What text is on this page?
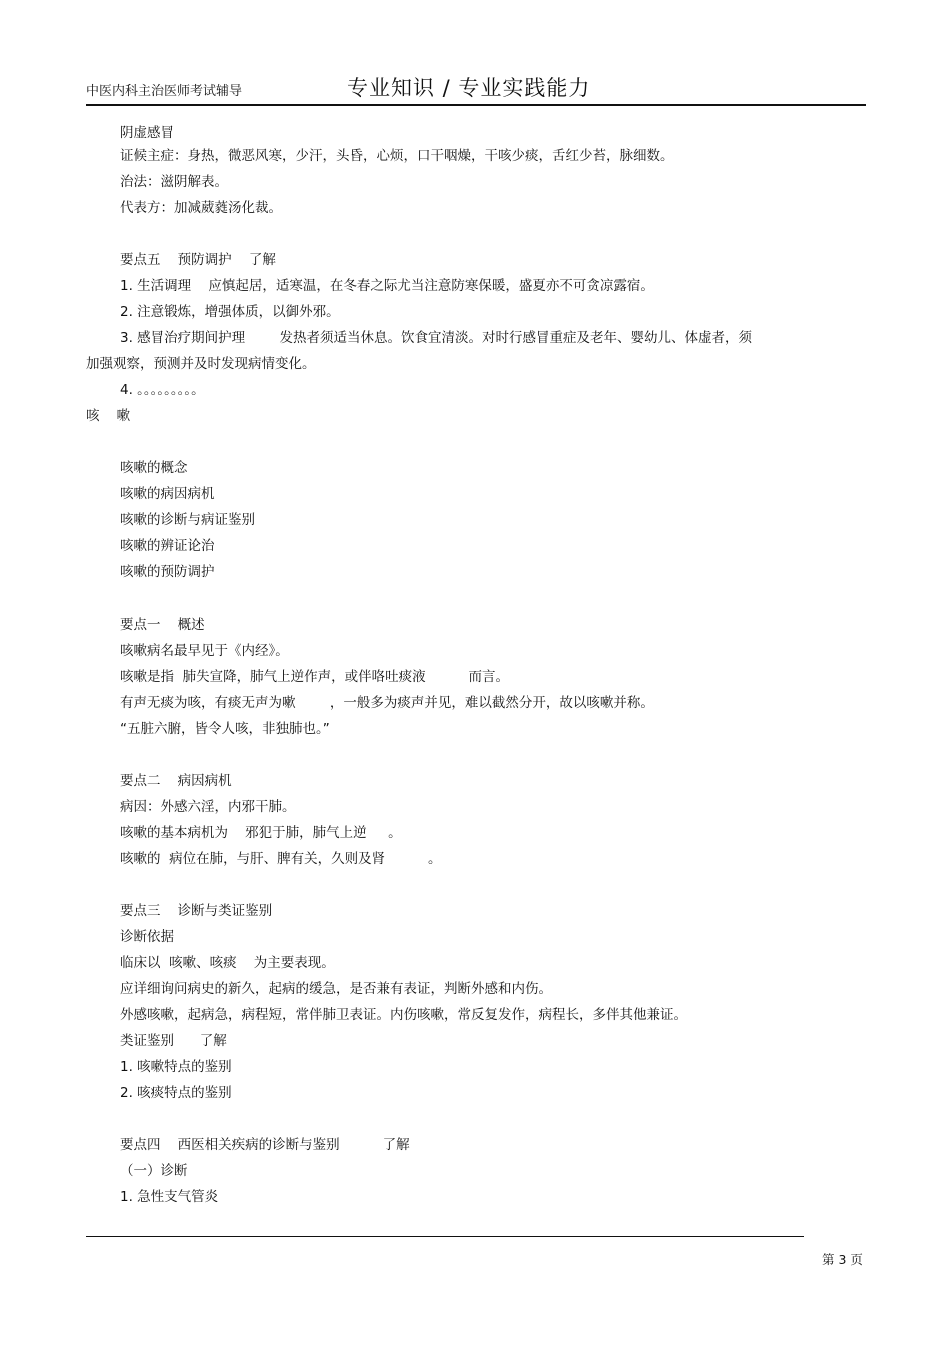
中医内科主治医师考试辅导	专业知识 / 专业实践能力
阴虚感冒
证候主症：身热，微恶风寒，少汗，头昏，心烦，口干咽燥，干咳少痰，舌红少苔，脉细数。
治法：滋阴解表。
代表方：加减葳蕤汤化裁。
要点五    预防调护    了解
1. 生活调理    应慎起居，适寒温，在冬春之际尤当注意防寒保暖，盛夏亦不可贪凉露宿。
2. 注意锻炼，增强体质，以御外邪。
3. 感冒治疗期间护理        发热者须适当休息。饮食宜清淡。对时行感冒重症及老年、婴幼儿、体虚者，须
加强观察，预测并及时发现病情变化。
4. 。。。。。。。。。
咳    嗽
咳嗽的概念
咳嗽的病因病机
咳嗽的诊断与病证鉴别
咳嗽的辨证论治
咳嗽的预防调护
要点一    概述
咳嗽病名最早见于《内经》。
咳嗽是指  肺失宣降，肺气上逆作声，或伴咯吐痰液          而言。
有声无痰为咳，有痰无声为嗽        ，一般多为痰声并见，难以截然分开，故以咳嗽并称。
“五脏六腑，皆令人咳，非独肺也。”
要点二    病因病机
病因：外感六淫，内邪干肺。
咳嗽的基本病机为    邪犯于肺，肺气上逆     。
咳嗽的  病位在肺，与肝、脾有关，久则及肾          。
要点三    诊断与类证鉴别
诊断依据
临床以  咳嗽、咳痰    为主要表现。
应详细询问病史的新久，起病的缓急，是否兼有表证，判断外感和内伤。
外感咳嗽，起病急，病程短，常伴肺卫表证。内伤咳嗽，常反复发作，病程长，多伴其他兼证。
类证鉴别      了解
1. 咳嗽特点的鉴别
2. 咳痰特点的鉴别
要点四    西医相关疾病的诊断与鉴别          了解
（一）诊断
1. 急性支气管炎
第 3 页
